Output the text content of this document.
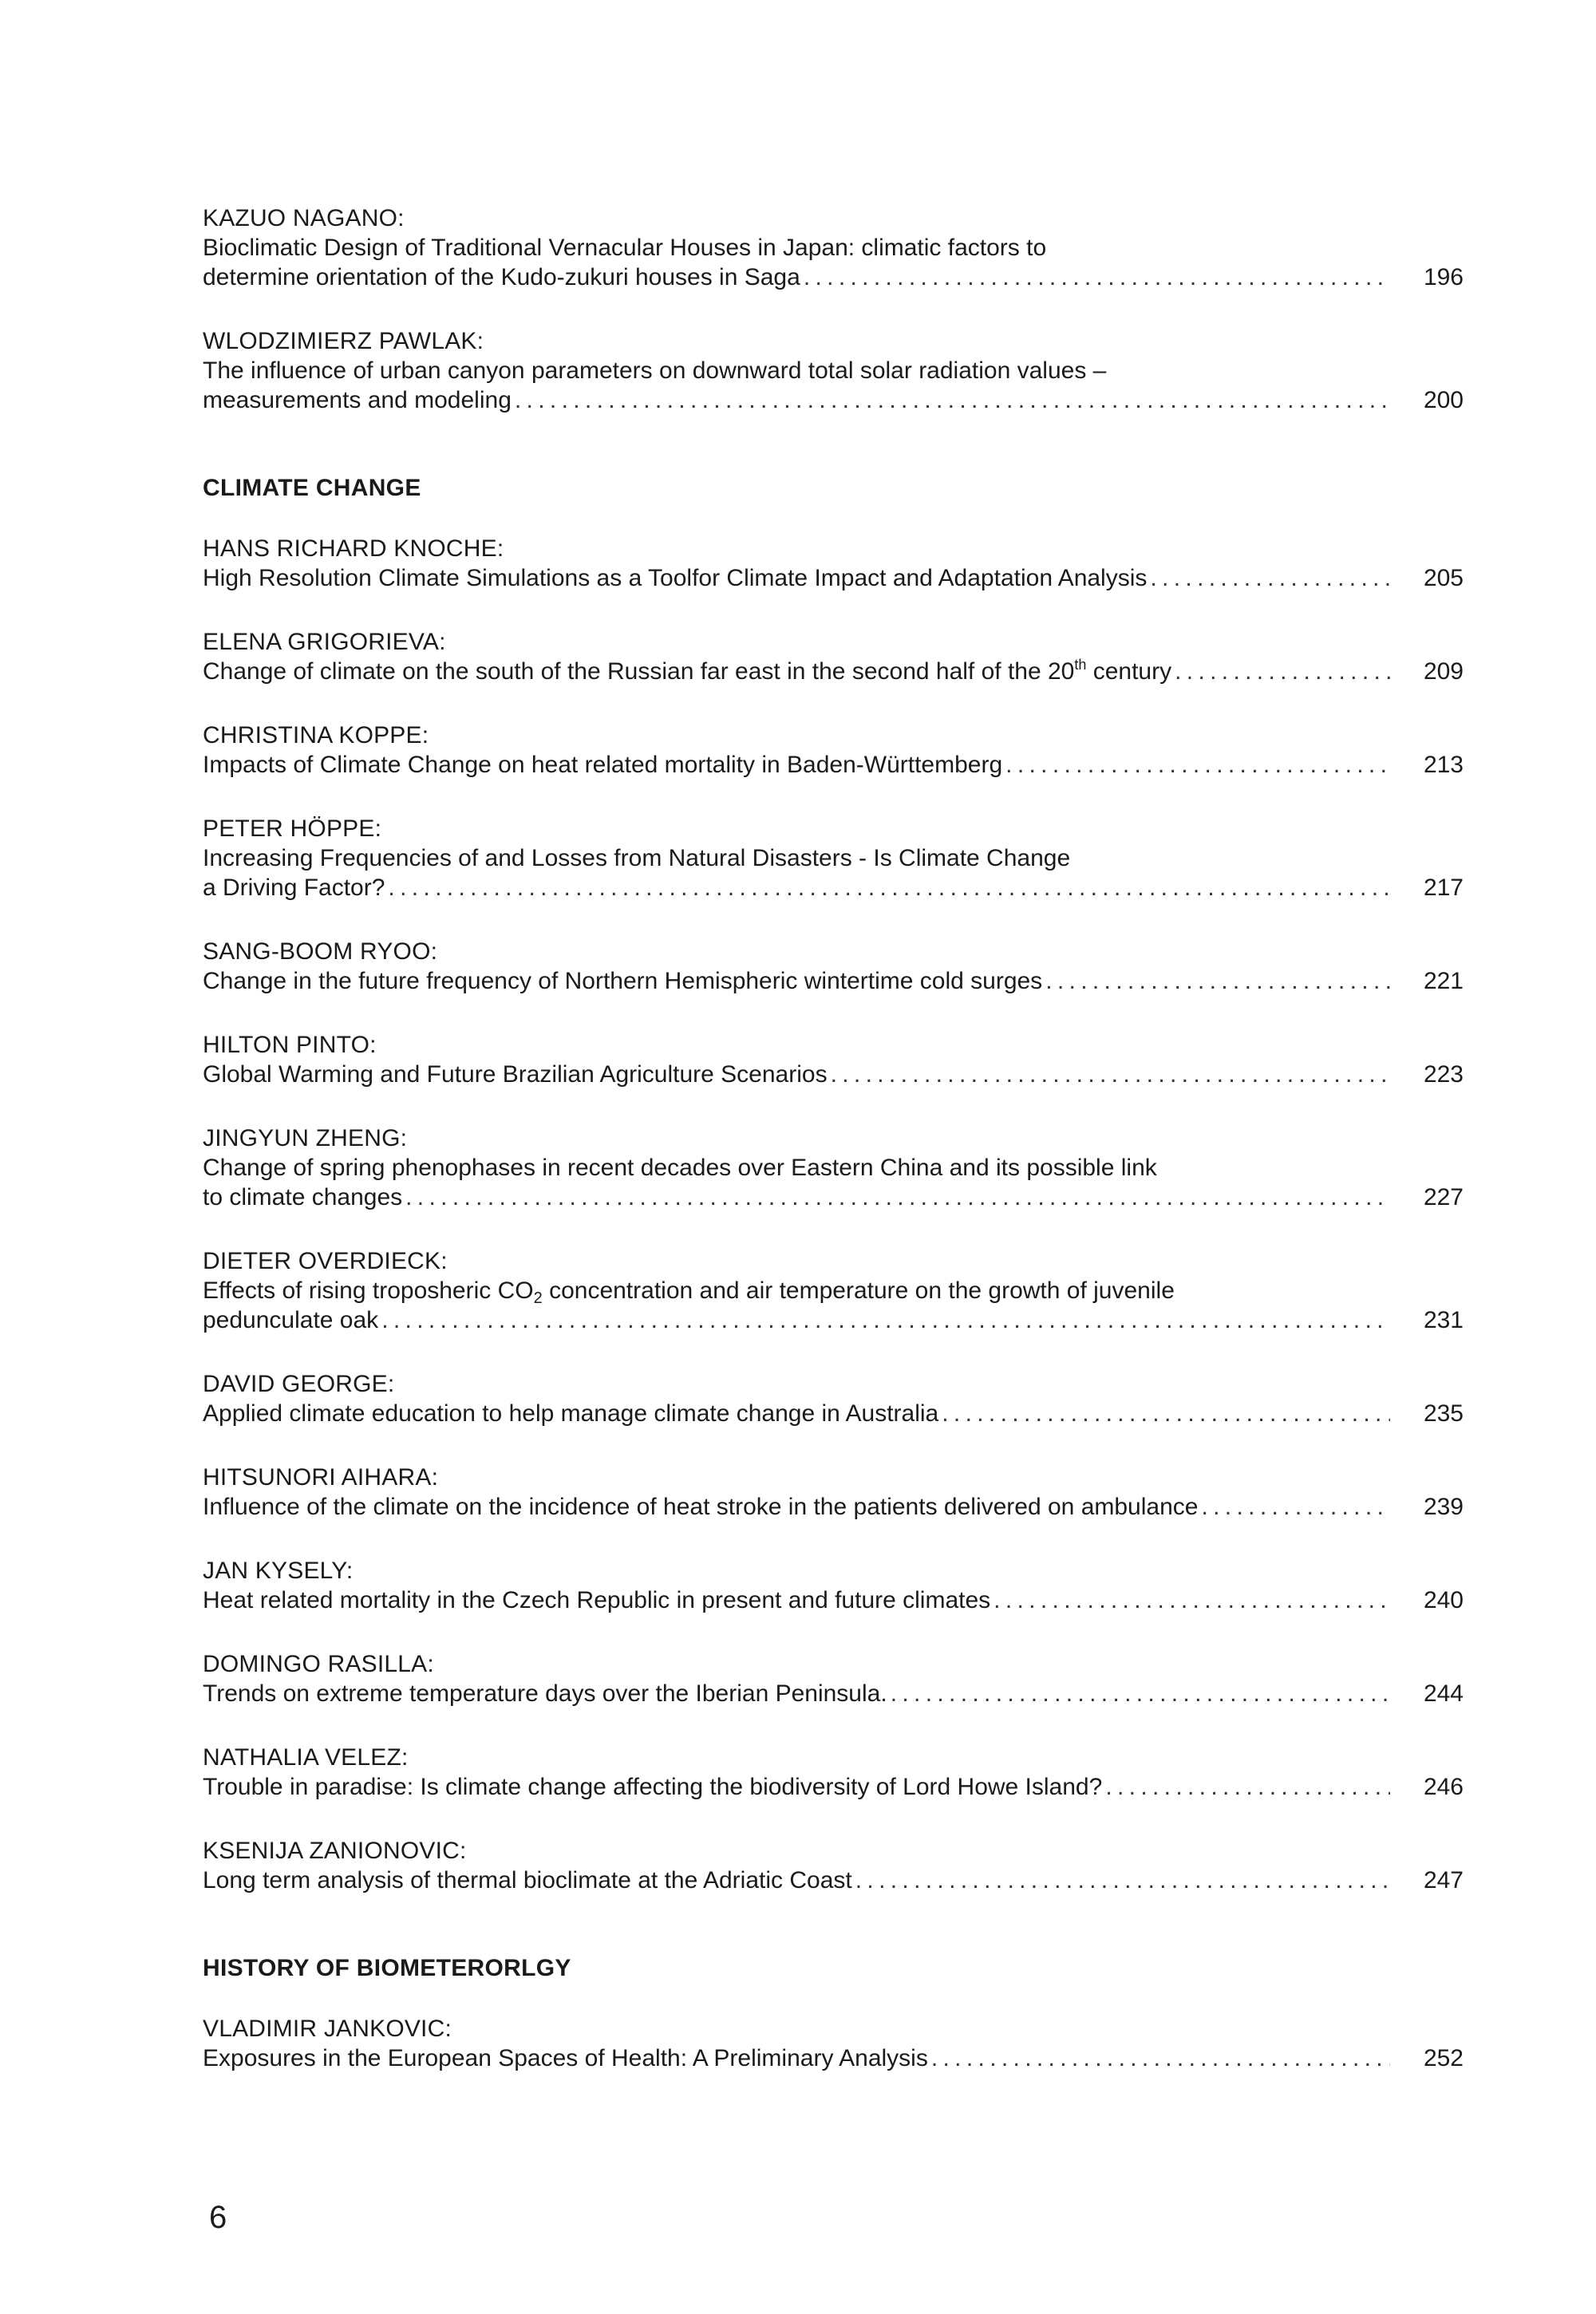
KAZUO NAGANO:
Bioclimatic Design of Traditional Vernacular Houses in Japan: climatic factors to
determine orientation of the Kudo-zukuri houses in Saga . . .	196
WLODZIMIERZ PAWLAK:
The influence of urban canyon parameters on downward total solar radiation values –
measurements and modeling . . .	200
CLIMATE CHANGE
HANS RICHARD KNOCHE:
High Resolution Climate Simulations as a Toolfor Climate Impact and Adaptation Analysis . . .	205
ELENA GRIGORIEVA:
Change of climate on the south of the Russian far east in the second half of the 20th century . . .	209
CHRISTINA KOPPE:
Impacts of Climate Change on heat related mortality in Baden-Württemberg . . .	213
PETER HÖPPE:
Increasing Frequencies of and Losses from Natural Disasters - Is Climate Change
a Driving Factor? . . .	217
SANG-BOOM RYOO:
Change in the future frequency of Northern Hemispheric wintertime cold surges . . .	221
HILTON PINTO:
Global Warming and Future Brazilian Agriculture Scenarios . . .	223
JINGYUN ZHENG:
Change of spring phenophases in recent decades over Eastern China and its possible link
to climate changes . . .	227
DIETER OVERDIECK:
Effects of rising troposheric $CO_2$ concentration and air temperature on the growth of juvenile
pedunculate oak . . .	231
DAVID GEORGE:
Applied climate education to help manage climate change in Australia . . .	235
HITSUNORI AIHARA:
Influence of the climate on the incidence of heat stroke in the patients delivered on ambulance . . .	239
JAN KYSELY:
Heat related mortality in the Czech Republic in present and future climates . . .	240
DOMINGO RASILLA:
Trends on extreme temperature days over the Iberian Peninsula. . . .	244
NATHALIA VELEZ:
Trouble in paradise: Is climate change affecting the biodiversity of Lord Howe Island? . . .	246
KSENIJA ZANIONOVIC:
Long term analysis of thermal bioclimate at the Adriatic Coast . . .	247
HISTORY OF BIOMETERORLGY
VLADIMIR JANKOVIC:
Exposures in the European Spaces of Health: A Preliminary Analysis . . .	252
6
